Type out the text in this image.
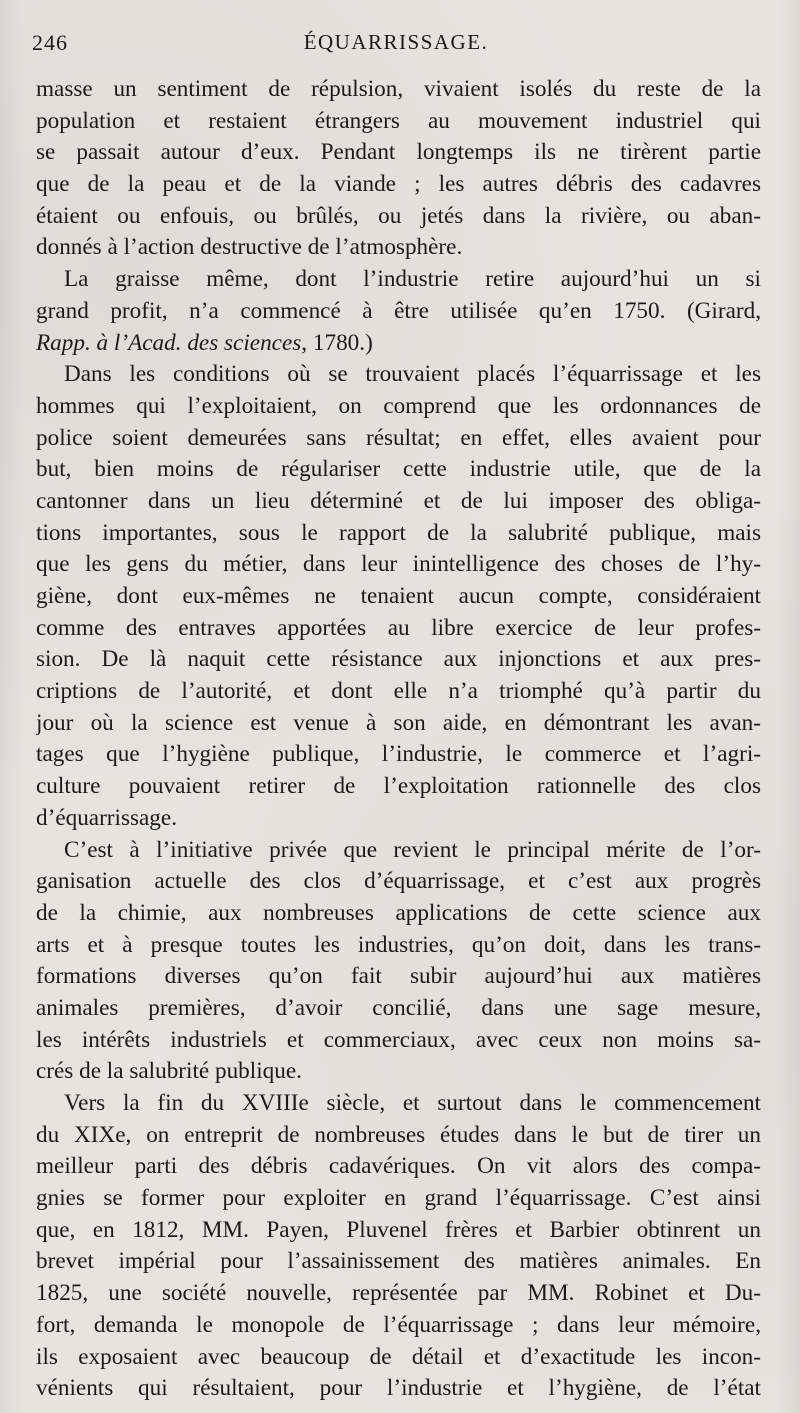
246	ÉQUARRISSAGE.
masse un sentiment de répulsion, vivaient isolés du reste de la
population et restaient étrangers au mouvement industriel qui
se passait autour d’eux. Pendant longtemps ils ne tirèrent partie
que de la peau et de la viande ; les autres débris des cadavres
étaient ou enfouis, ou brûlés, ou jetés dans la rivière, ou aban-
donnés à l’action destructive de l’atmosphère.
La graisse même, dont l’industrie retire aujourd’hui un si
grand profit, n’a commencé à être utilisée qu’en 1750. (Girard,
Rapp. à l’Acad. des sciences, 1780.)
Dans les conditions où se trouvaient placés l’équarrissage et les
hommes qui l’exploitaient, on comprend que les ordonnances de
police soient demeurées sans résultat; en effet, elles avaient pour
but, bien moins de régulariser cette industrie utile, que de la
cantonner dans un lieu déterminé et de lui imposer des obliga-
tions importantes, sous le rapport de la salubrité publique, mais
que les gens du métier, dans leur inintelligence des choses de l’hy-
giène, dont eux-mêmes ne tenaient aucun compte, considéraient
comme des entraves apportées au libre exercice de leur profes-
sion. De là naquit cette résistance aux injonctions et aux pres-
criptions de l’autorité, et dont elle n’a triomphé qu’à partir du
jour où la science est venue à son aide, en démontrant les avan-
tages que l’hygiène publique, l’industrie, le commerce et l’agri-
culture pouvaient retirer de l’exploitation rationnelle des clos
d’équarrissage.
C’est à l’initiative privée que revient le principal mérite de l’or-
ganisation actuelle des clos d’équarrissage, et c’est aux progrès
de la chimie, aux nombreuses applications de cette science aux
arts et à presque toutes les industries, qu’on doit, dans les trans-
formations diverses qu’on fait subir aujourd’hui aux matières
animales premières, d’avoir concilié, dans une sage mesure,
les intérêts industriels et commerciaux, avec ceux non moins sa-
crés de la salubrité publique.
Vers la fin du XVIIIe siècle, et surtout dans le commencement
du XIXe, on entreprit de nombreuses études dans le but de tirer un
meilleur parti des débris cadavériques. On vit alors des compa-
gnies se former pour exploiter en grand l’équarrissage. C’est ainsi
que, en 1812, MM. Payen, Pluvenel frères et Barbier obtinrent un
brevet impérial pour l’assainissement des matières animales. En
1825, une société nouvelle, représentée par MM. Robinet et Du-
fort, demanda le monopole de l’équarrissage ; dans leur mémoire,
ils exposaient avec beaucoup de détail et d’exactitude les incon-
vénients qui résultaient, pour l’industrie et l’hygiène, de l’état
